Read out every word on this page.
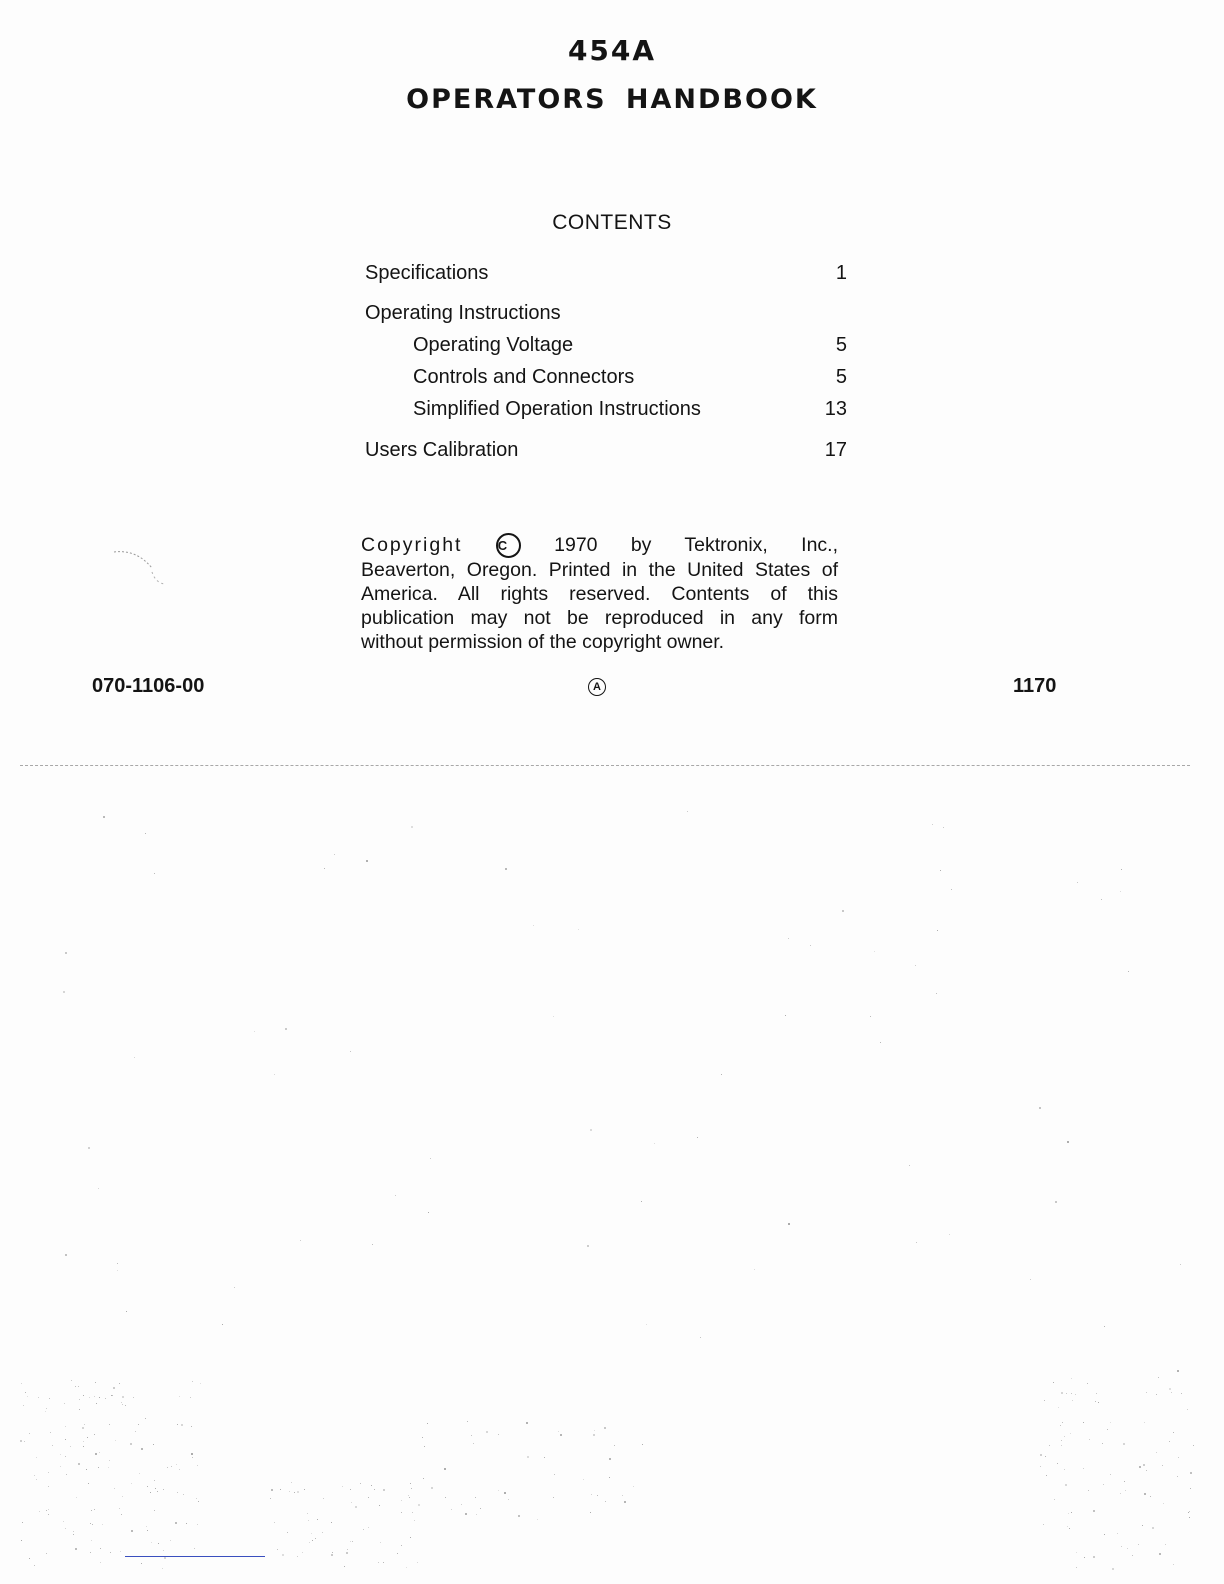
454A
OPERATORS HANDBOOK
CONTENTS
Specifications	1
Operating Instructions
Operating Voltage	5
Controls and Connectors	5
Simplified Operation Instructions	13
Users Calibration	17
Copyright	C 1970 by Tektronix, Inc.,
Beaverton, Oregon. Printed in the United States of
America. All rights reserved. Contents of this
publication may not be reproduced in any form
without permission of the copyright owner.
070-1106-00	A	1170
